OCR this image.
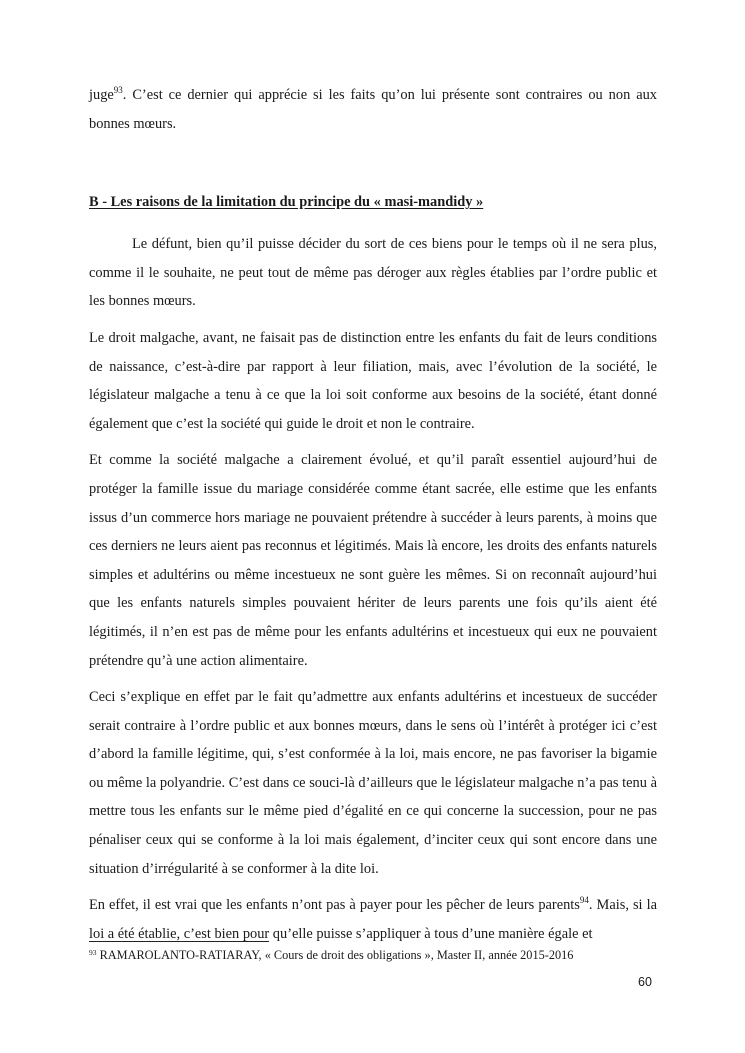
juge$^{93}$. C’est ce dernier qui apprécie si les faits qu’on lui présente sont contraires ou non aux bonnes mœurs.

B - Les raisons de la limitation du principe du « masi-mandidy »

Le défunt, bien qu’il puisse décider du sort de ces biens pour le temps où il ne sera plus, comme il le souhaite, ne peut tout de même pas déroger aux règles établies par l’ordre public et les bonnes mœurs.

Le droit malgache, avant, ne faisait pas de distinction entre les enfants du fait de leurs conditions de naissance, c’est-à-dire par rapport à leur filiation, mais, avec l’évolution de la société, le législateur malgache a tenu à ce que la loi soit conforme aux besoins de la société, étant donné également que c’est la société qui guide le droit et non le contraire.

Et comme la société malgache a clairement évolué, et qu’il paraît essentiel aujourd’hui de protéger la famille issue du mariage considérée comme étant sacrée, elle estime que les enfants issus d’un commerce hors mariage ne pouvaient prétendre à succéder à leurs parents, à moins que ces derniers ne leurs aient pas reconnus et légitimés. Mais là encore, les droits des enfants naturels simples et adultérins ou même incestueux ne sont guère les mêmes. Si on reconnaît aujourd’hui que les enfants naturels simples pouvaient hériter de leurs parents une fois qu’ils aient été légitimés, il n’en est pas de même pour les enfants adultérins et incestueux qui eux ne pouvaient prétendre qu’à une action alimentaire.

Ceci s’explique en effet par le fait qu’admettre aux enfants adultérins et incestueux de succéder serait contraire à l’ordre public et aux bonnes mœurs, dans le sens où l’intérêt à protéger ici c’est d’abord la famille légitime, qui, s’est conformée à la loi, mais encore, ne pas favoriser la bigamie ou même la polyandrie. C’est dans ce souci-là d’ailleurs que le législateur malgache n’a pas tenu à mettre tous les enfants sur le même pied d’égalité en ce qui concerne la succession, pour ne pas pénaliser ceux qui se conforme à la loi mais également, d’inciter ceux qui sont encore dans une situation d’irrégularité à se conformer à la dite loi.

En effet, il est vrai que les enfants n’ont pas à payer pour les pêcher de leurs parents$^{94}$. Mais, si la loi a été établie, c’est bien pour qu’elle puisse s’appliquer à tous d’une manière égale et

$^{93}$ RAMAROLANTO-RATIARAY, « Cours de droit des obligations », Master II, année 2015-2016
60
